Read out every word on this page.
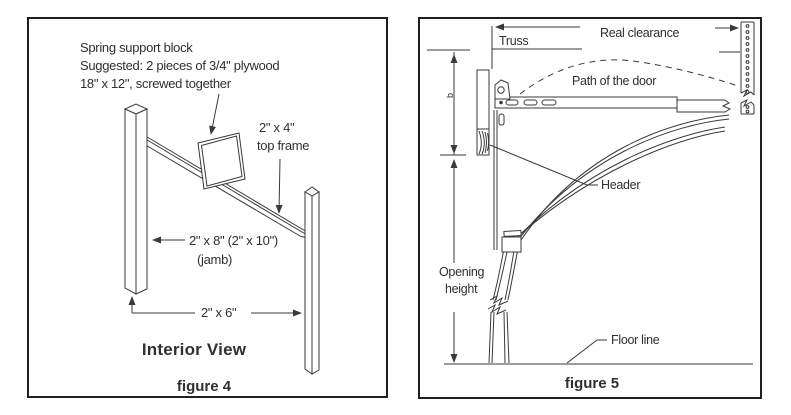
Spring support block
Suggested: 2 pieces of 3/4" plywood
18" x 12", screwed together
2" x 4"
top frame
2" x 8" (2" x 10")
(jamb)
2" x 6"
Interior View
figure 4
Truss
Real clearance
Path of the door
b
Header
Opening
height
Floor line
figure 5
